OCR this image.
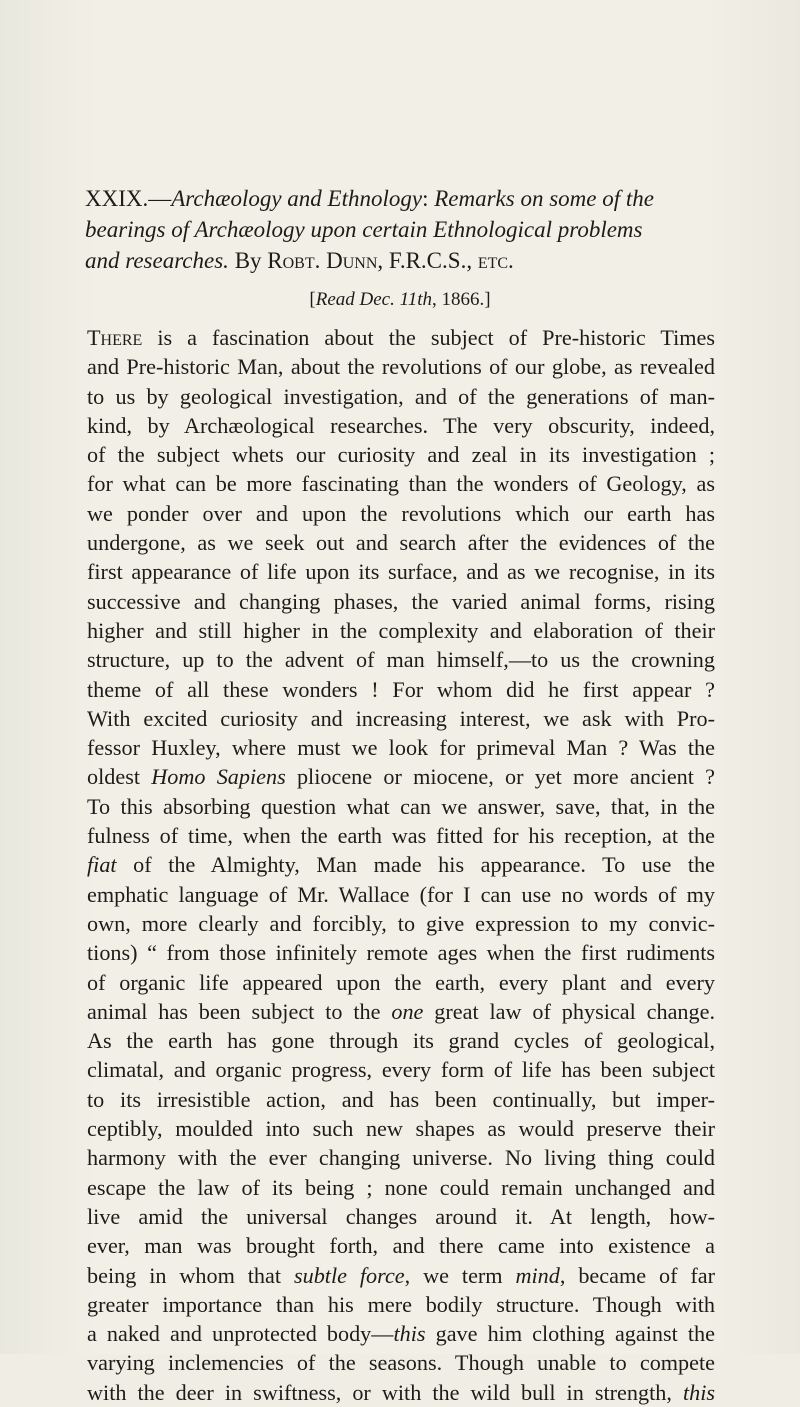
XXIX.—Archæology and Ethnology: Remarks on some of the
bearings of Archæology upon certain Ethnological problems
and researches. By Robt. Dunn, F.R.C.S., etc.
[Read Dec. 11th, 1866.]
There is a fascination about the subject of Pre-historic Times
and Pre-historic Man, about the revolutions of our globe, as revealed
to us by geological investigation, and of the generations of man-
kind, by Archæological researches. The very obscurity, indeed,
of the subject whets our curiosity and zeal in its investigation ;
for what can be more fascinating than the wonders of Geology, as
we ponder over and upon the revolutions which our earth has
undergone, as we seek out and search after the evidences of the
first appearance of life upon its surface, and as we recognise, in its
successive and changing phases, the varied animal forms, rising
higher and still higher in the complexity and elaboration of their
structure, up to the advent of man himself,—to us the crowning
theme of all these wonders ! For whom did he first appear ?
With excited curiosity and increasing interest, we ask with Pro-
fessor Huxley, where must we look for primeval Man ? Was the
oldest Homo Sapiens pliocene or miocene, or yet more ancient ?
To this absorbing question what can we answer, save, that, in the
fulness of time, when the earth was fitted for his reception, at the
fiat of the Almighty, Man made his appearance. To use the
emphatic language of Mr. Wallace (for I can use no words of my
own, more clearly and forcibly, to give expression to my convic-
tions) “ from those infinitely remote ages when the first rudiments
of organic life appeared upon the earth, every plant and every
animal has been subject to the one great law of physical change.
As the earth has gone through its grand cycles of geological,
climatal, and organic progress, every form of life has been subject
to its irresistible action, and has been continually, but imper-
ceptibly, moulded into such new shapes as would preserve their
harmony with the ever changing universe. No living thing could
escape the law of its being ; none could remain unchanged and
live amid the universal changes around it. At length, how-
ever, man was brought forth, and there came into existence a
being in whom that subtle force, we term mind, became of far
greater importance than his mere bodily structure. Though with
a naked and unprotected body—this gave him clothing against the
varying inclemencies of the seasons. Though unable to compete
with the deer in swiftness, or with the wild bull in strength, this
